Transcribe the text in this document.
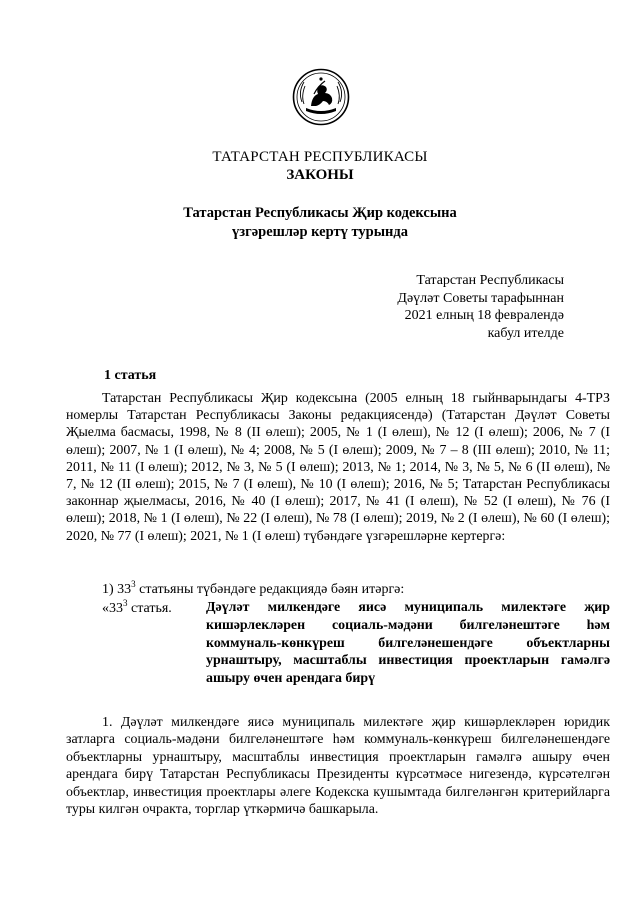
ТАТАРСТАН РЕСПУБЛИКАСЫ
ЗАКОНЫ
Татарстан Республикасы Җир кодексына
үзгәрешләр кертү турында
Татарстан Республикасы
Дәүләт Советы тарафыннан
2021 елның 18 февралендә
кабул ителде
1 статья
Татарстан Республикасы Җир кодексына (2005 елның 18 гыйнварындагы 4-ТРЗ номерлы Татарстан Республикасы Законы редакциясендә) (Татарстан Дәүләт Советы Җыелма басмасы, 1998, № 8 (II өлеш); 2005, № 1 (I өлеш), № 12 (I өлеш); 2006, № 7 (I өлеш); 2007, № 1 (I өлеш), № 4; 2008, № 5 (I өлеш); 2009, № 7 – 8 (III өлеш); 2010, № 11; 2011, № 11 (I өлеш); 2012, № 3, № 5 (I өлеш); 2013, № 1; 2014, № 3, № 5, № 6 (II өлеш), № 7, № 12 (II өлеш); 2015, № 7 (I өлеш), № 10 (I өлеш); 2016, № 5; Татарстан Республикасы законнар җыелмасы, 2016, № 40 (I өлеш); 2017, № 41 (I өлеш), № 52 (I өлеш), № 76 (I өлеш); 2018, № 1 (I өлеш), № 22 (I өлеш), № 78 (I өлеш); 2019, № 2 (I өлеш), № 60 (I өлеш); 2020, № 77 (I өлеш); 2021, № 1 (I өлеш) түбәндәге үзгәрешләрне кертергә:
1) $33^3$ статьяны түбәндәге редакциядә бәян итәргә:
«$33^3$ статья. Дәүләт милкендәге яисә муниципаль милектәге җир кишәрлекләрен социаль-мәдәни билгеләнештәге һәм коммуналь-көнкүреш билгеләнешендәге объектларны урнаштыру, масштаблы инвестиция проектларын гамәлгә ашыру өчен арендага бирү
1. Дәүләт милкендәге яисә муниципаль милектәге җир кишәрлекләрен юридик затларга социаль-мәдәни билгеләнештәге һәм коммуналь-көнкүреш билгеләнешендәге объектларны урнаштыру, масштаблы инвестиция проектларын гамәлгә ашыру өчен арендага бирү Татарстан Республикасы Президенты күрсәтмәсе нигезендә, күрсәтелгән объектлар, инвестиция проектлары әлеге Кодекска кушымтада билгеләнгән критерийларга туры килгән очракта, торглар үткәрмичә башкарыла.
